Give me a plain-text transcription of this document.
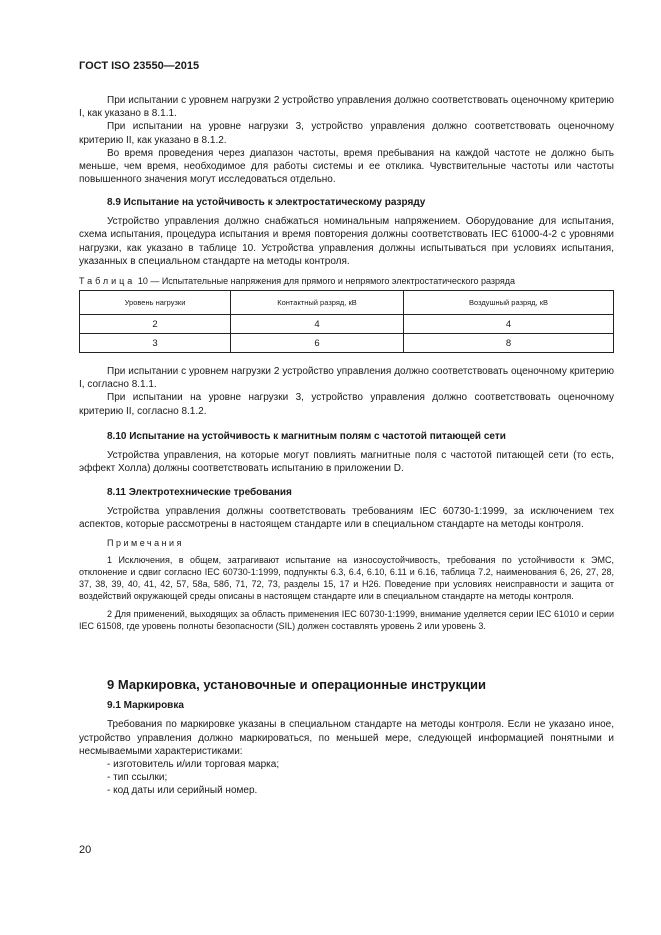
ГОСТ ISO 23550—2015

При испытании с уровнем нагрузки 2 устройство управления должно соответствовать оценочному критерию I, как указано в 8.1.1.

При испытании на уровне нагрузки 3, устройство управления должно соответствовать оценочному критерию II, как указано в 8.1.2.

Во время проведения через диапазон частоты, время пребывания на каждой частоте не должно быть меньше, чем время, необходимое для работы системы и ее отклика. Чувствительные частоты или частоты повышенного значения могут исследоваться отдельно.

8.9 Испытание на устойчивость к электростатическому разряду

Устройство управления должно снабжаться номинальным напряжением. Оборудование для испытания, схема испытания, процедура испытания и время повторения должны соответствовать IEC 61000-4-2 с уровнями нагрузки, как указано в таблице 10. Устройства управления должны испытываться при условиях испытания, указанных в специальном стандарте на методы контроля.

Таблица 10 — Испытательные напряжения для прямого и непрямого электростатического разряда
Уровень нагрузки	Контактный разряд, кВ	Воздушный разряд, кВ
2	4	4
3	6	8

При испытании с уровнем нагрузки 2 устройство управления должно соответствовать оценочному критерию I, согласно 8.1.1.

При испытании на уровне нагрузки 3, устройство управления должно соответствовать оценочному критерию II, согласно 8.1.2.

8.10 Испытание на устойчивость к магнитным полям с частотой питающей сети

Устройства управления, на которые могут повлиять магнитные поля с частотой питающей сети (то есть, эффект Холла) должны соответствовать испытанию в приложении D.

8.11 Электротехнические требования

Устройства управления должны соответствовать требованиям IEC 60730-1:1999, за исключением тех аспектов, которые рассмотрены в настоящем стандарте или в специальном стандарте на методы контроля.

Примечания

1 Исключения, в общем, затрагивают испытание на износоустойчивость, требования по устойчивости к ЭМС, отклонение и сдвиг согласно IEC 60730-1:1999, подпункты 6.3, 6.4, 6.10, 6.11 и 6.16, таблица 7.2, наименования 6, 26, 27, 28, 37, 38, 39, 40, 41, 42, 57, 58а, 58б, 71, 72, 73, разделы 15, 17 и Н26. Поведение при условиях неисправности и защита от воздействий окружающей среды описаны в настоящем стандарте или в специальном стандарте на методы контроля.

2 Для применений, выходящих за область применения IEC 60730-1:1999, внимание уделяется серии IEC 61010 и серии IEC 61508, где уровень полноты безопасности (SIL) должен составлять уровень 2 или уровень 3.

9 Маркировка, установочные и операционные инструкции

9.1 Маркировка

Требования по маркировке указаны в специальном стандарте на методы контроля. Если не указано иное, устройство управления должно маркироваться, по меньшей мере, следующей информацией понятными и несмываемыми характеристиками:

- изготовитель и/или торговая марка;

- тип ссылки;

- код даты или серийный номер.

20
